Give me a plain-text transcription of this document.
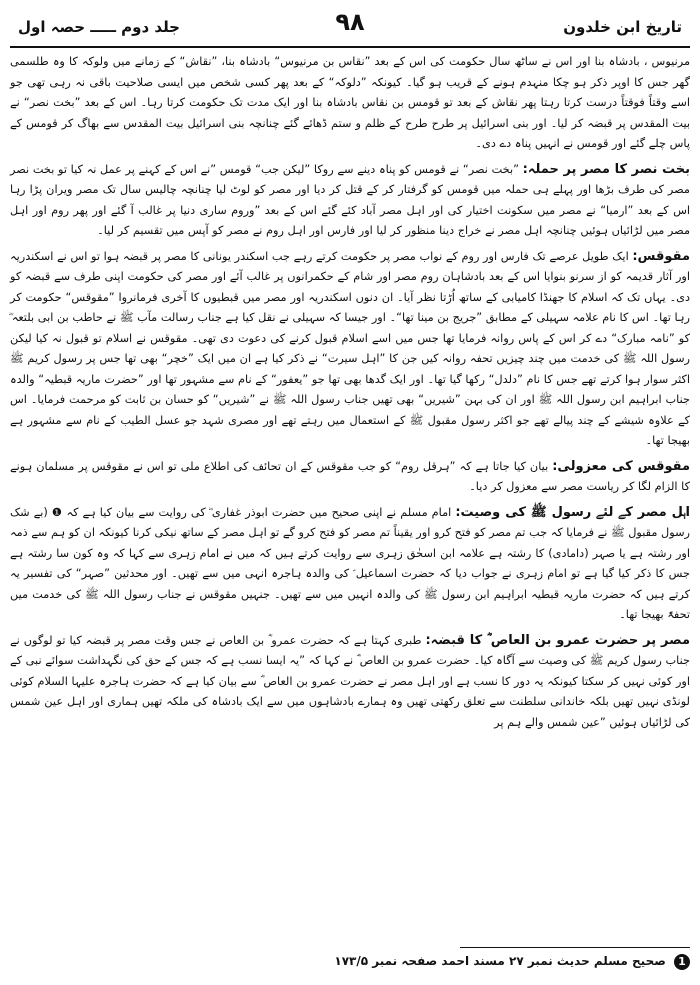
تاریخ ابن خلدون
۹۸
جلد دوم ـــــ حصہ اول

مرنیوس ، بادشاہ بنا اور اس نے ساٹھ سال حکومت کی اس کے بعد ”نقاس بن مرنیوس“ بادشاہ بنا، ”نقاش“ کے زمانے میں ولوکہ کا وہ طلسمی گھر جس کا اوپر ذکر ہو چکا منہدم ہونے کے قریب ہو گیا۔ کیونکہ ”دلوکہ“ کے بعد پھر کسی شخص میں ایسی صلاحیت باقی نہ رہی تھی جو اسے وقتاً فوقتاً درست کرتا رہتا پھر نقاش کے بعد تو قومس بن نقاس بادشاہ بنا اور ایک مدت تک حکومت کرتا رہا۔ اس کے بعد ”بخت نصر“ نے بیت المقدس پر قبضہ کر لیا۔ اور بنی اسرائیل پر طرح طرح کے ظلم و ستم ڈھائے گئے چنانچہ بنی اسرائیل بیت المقدس سے بھاگ کر قومس کے پاس چلے گئے اور قومس نے انہیں پناہ دے دی۔

بخت نصر کا مصر پر حملہ: ”بخت نصر“ نے قومس کو پناہ دینے سے روکا ”لیکن جب“ قومس ”نے اس کے کہنے پر عمل نہ کیا تو بخت نصر مصر کی طرف بڑھا اور پہلے ہی حملہ میں قومس کو گرفتار کر کے قتل کر دیا اور مصر کو لوٹ لیا چنانچہ چالیس سال تک مصر ویران پڑا رہا اس کے بعد ”ارمیا“ نے مصر میں سکونت اختیار کی اور اہل مصر آباد کئے گئے اس کے بعد ”وروم ساری دنیا پر غالب آ گئے اور پھر روم اور اہل مصر میں لڑائیاں ہوئیں چنانچہ اہل مصر نے خراج دینا منظور کر لیا اور فارس اور اہل روم نے مصر کو آپس میں تقسیم کر لیا۔

مقوقس: ایک طویل عرصے تک فارس اور روم کے نواب مصر پر حکومت کرتے رہے جب اسکندر یونانی کا مصر پر قبضہ ہوا تو اس نے اسکندریہ اور آثار قدیمہ کو از سرنو بنوایا اس کے بعد بادشاہان روم مصر اور شام کے حکمرانوں پر غالب آئے اور مصر کی حکومت اپنی طرف سے قبضہ کو دی۔ یہاں تک کہ اسلام کا جھنڈا کامیابی کے ساتھ اُڑتا نظر آیا۔ ان دنوں اسکندریہ اور مصر میں قبطیوں کا آخری فرمانروا ”مقوقس“ حکومت کر رہا تھا۔ اس کا نام علامہ سہیلی کے مطابق ”جریج بن مینا تھا“۔ اور جیسا کہ سہیلی نے نقل کیا ہے جناب رسالت مآب ﷺ نے حاطب بن ابی بلتعہ ؓ کو ”نامہ مبارک“ دے کر اس کے پاس روانہ فرمایا تھا جس میں اسے اسلام قبول کرنے کی دعوت دی تھی۔ مقوقس نے اسلام تو قبول نہ کیا لیکن رسول اللہ ﷺ کی خدمت میں چند چیزیں تحفہ روانہ کیں جن کا ”اہل سیرت“ نے ذکر کیا ہے ان میں ایک ”خچر“ بھی تھا جس پر رسول کریم ﷺ اکثر سوار ہوا کرتے تھے جس کا نام ”دلدل“ رکھا گیا تھا۔ اور ایک گدھا بھی تھا جو ”یعفور“ کے نام سے مشہور تھا اور ”حضرت ماریہ قبطیہ“ والدہ جناب ابراہیم ابن رسول اللہ ﷺ اور ان کی بہن ”شیریں“ بھی تھیں جناب رسول اللہ ﷺ نے ”شیریں“ کو حسان بن ثابت کو مرحمت فرمایا۔ اس کے علاوہ شیشے کے چند پیالے تھے جو اکثر رسول مقبول ﷺ کے استعمال میں رہتے تھے اور مصری شہد جو عسل الطیب کے نام سے مشہور ہے بھیجا تھا۔

مقوقس کی معزولی: بیان کیا جاتا ہے کہ ”ہرقل روم“ کو جب مقوقس کے ان تحائف کی اطلاع ملی تو اس نے مقوقس پر مسلمان ہونے کا الزام لگا کر ریاست مصر سے معزول کر دیا۔

اہل مصر کے لئے رسول ﷺ کی وصیت: امام مسلم نے اپنی صحیح میں حضرت ابوذر غفاری ؓ کی روایت سے بیان کیا ہے کہ ❶ (بے شک رسول مقبول ﷺ نے فرمایا کہ جب تم مصر کو فتح کرو اور یقیناً تم مصر کو فتح کرو گے تو اہل مصر کے ساتھ نیکی کرنا کیونکہ ان کو ہم سے ذمہ اور رشتہ ہے یا صہر (دامادی) کا رشتہ ہے علامہ ابن اسحٰق زہری سے روایت کرتے ہیں کہ میں نے امام زہری سے کہا کہ وہ کون سا رشتہ ہے جس کا ذکر کیا گیا ہے تو امام زہری نے جواب دیا کہ حضرت اسماعیل ؑ کی والدہ ہاجرہ انہی میں سے تھیں۔ اور محدثین ”صہر“ کی تفسیر یہ کرتے ہیں کہ حضرت ماریہ قبطیہ ابراہیم ابن رسول ﷺ کی والدہ انہیں میں سے تھیں۔ جنہیں مقوقس نے جناب رسول اللہ ﷺ کی خدمت میں تحفۃً بھیجا تھا۔

مصر پر حضرت عمرو بن العاص ؓ کا قبضہ: طبری کہتا ہے کہ حضرت عمرو ؓ بن العاص نے جس وقت مصر پر قبضہ کیا تو لوگوں نے جناب رسول کریم ﷺ کی وصیت سے آگاہ کیا۔ حضرت عمرو بن العاص ؓ نے کہا کہ ”یہ ایسا نسب ہے کہ جس کے حق کی نگہداشت سوائے نبی کے اور کوئی نہیں کر سکتا کیونکہ یہ دور کا نسب ہے اور اہل مصر نے حضرت عمرو بن العاص ؓ سے بیان کیا ہے کہ حضرت ہاجرہ علیہا السلام کوئی لونڈی نہیں تھیں بلکہ خاندانی سلطنت سے تعلق رکھتی تھیں وہ ہمارے بادشاہوں میں سے ایک بادشاہ کی ملکہ تھیں ہماری اور اہل عین شمس کی لڑائیاں ہوئیں ”عین شمس والے ہم پر

1 صحیح مسلم حدیث نمبر ۲۷ مسند احمد صفحہ نمبر ۱۷۳/۵
